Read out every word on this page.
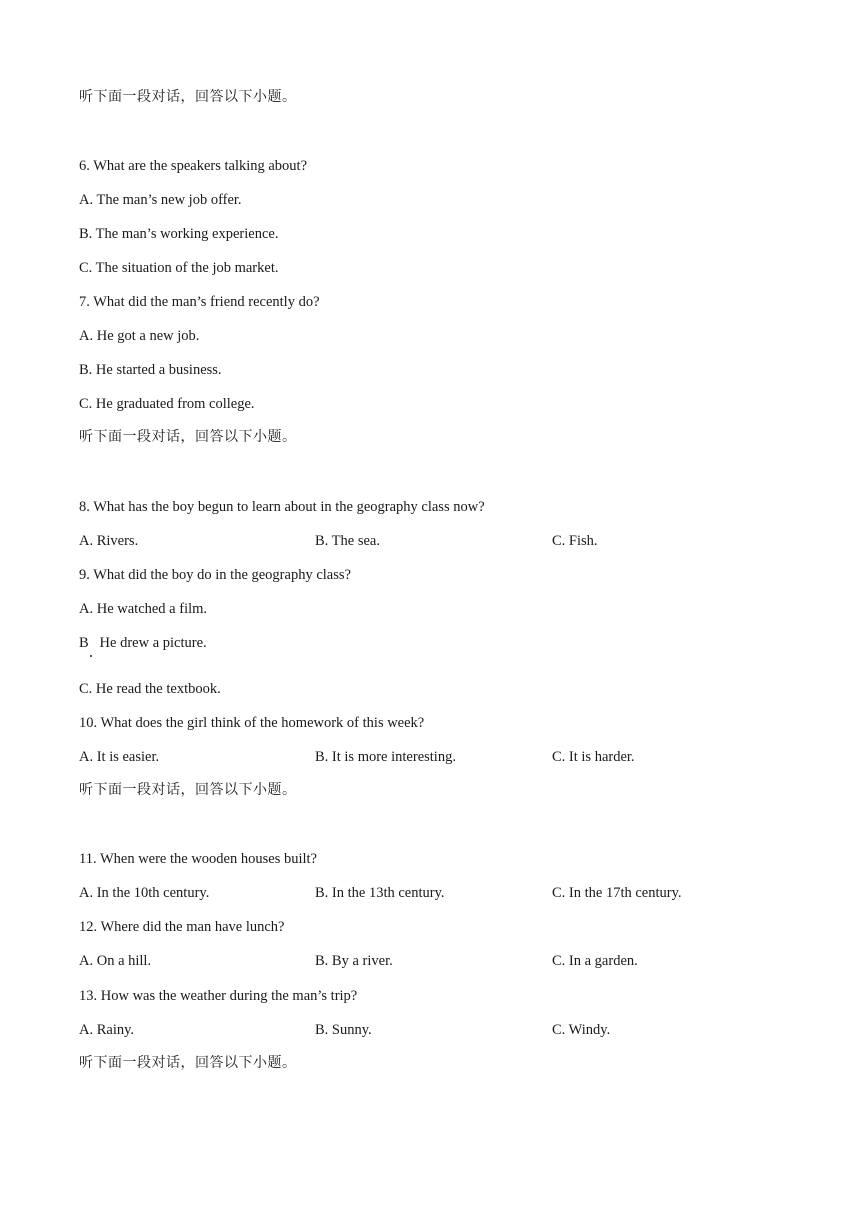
听下面一段对话，回答以下小题。
6. What are the speakers talking about?
A. The man’s new job offer.
B. The man’s working experience.
C. The situation of the job market.
7. What did the man’s friend recently do?
A. He got a new job.
B. He started a business.
C. He graduated from college.
听下面一段对话，回答以下小题。
8. What has the boy begun to learn about in the geography class now?
A. Rivers.	B. The sea.	C. Fish.
9. What did the boy do in the geography class?
A. He watched a film.
B   He drew a picture.
C. He read the textbook.
10. What does the girl think of the homework of this week?
A. It is easier.	B. It is more interesting.	C. It is harder.
听下面一段对话，回答以下小题。
11. When were the wooden houses built?
A. In the 10th century.	B. In the 13th century.	C. In the 17th century.
12. Where did the man have lunch?
A. On a hill.	B. By a river.	C. In a garden.
13. How was the weather during the man’s trip?
A. Rainy.	B. Sunny.	C. Windy.
听下面一段对话，回答以下小题。
